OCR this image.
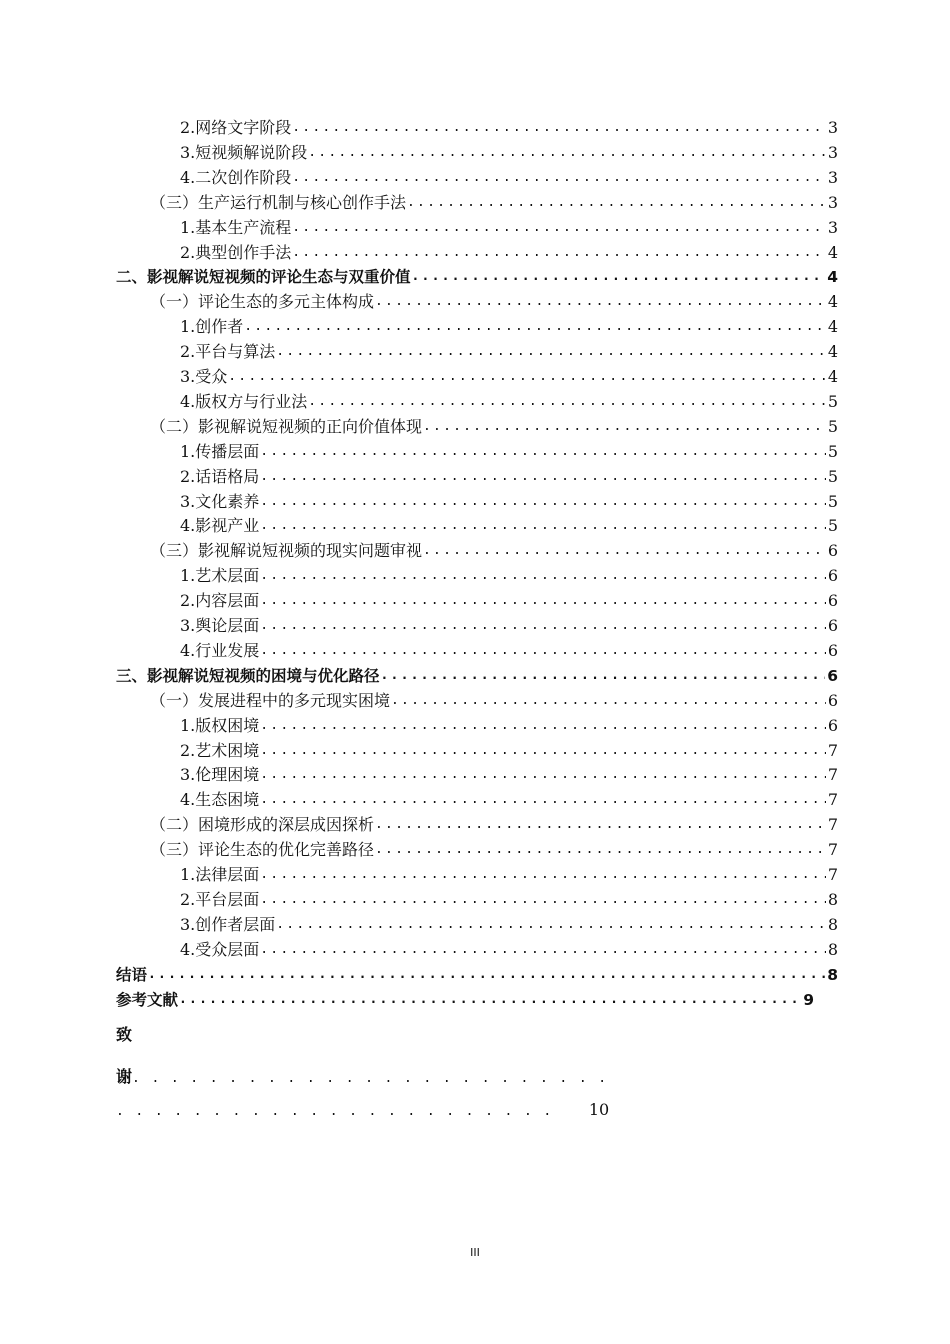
2.网络文字阶段 .....	3
3.短视频解说阶段 .....	3
4.二次创作阶段 .....	3
（三）生产运行机制与核心创作手法 .....	3
1.基本生产流程 .....	3
2.典型创作手法 .....	4
二、影视解说短视频的评论生态与双重价值 .....	4
（一）评论生态的多元主体构成 .....	4
1.创作者 .....	4
2.平台与算法 .....	4
3.受众 .....	4
4.版权方与行业法 .....	5
（二）影视解说短视频的正向价值体现 .....	5
1.传播层面 .....	5
2.话语格局 .....	5
3.文化素养 .....	5
4.影视产业 .....	5
（三）影视解说短视频的现实问题审视 .....	6
1.艺术层面 .....	6
2.内容层面 .....	6
3.舆论层面 .....	6
4.行业发展 .....	6
三、影视解说短视频的困境与优化路径 .....	6
（一）发展进程中的多元现实困境 .....	6
1.版权困境 .....	6
2.艺术困境 .....	7
3.伦理困境 .....	7
4.生态困境 .....	7
（二）困境形成的深层成因探析 .....	7
（三）评论生态的优化完善路径 .....	7
1.法律层面 .....	7
2.平台层面 .....	8
3.创作者层面 .....	8
4.受众层面 .....	8
结语 .....	8
参考文献 .....	9
致
谢.........................
....................... 10
III
